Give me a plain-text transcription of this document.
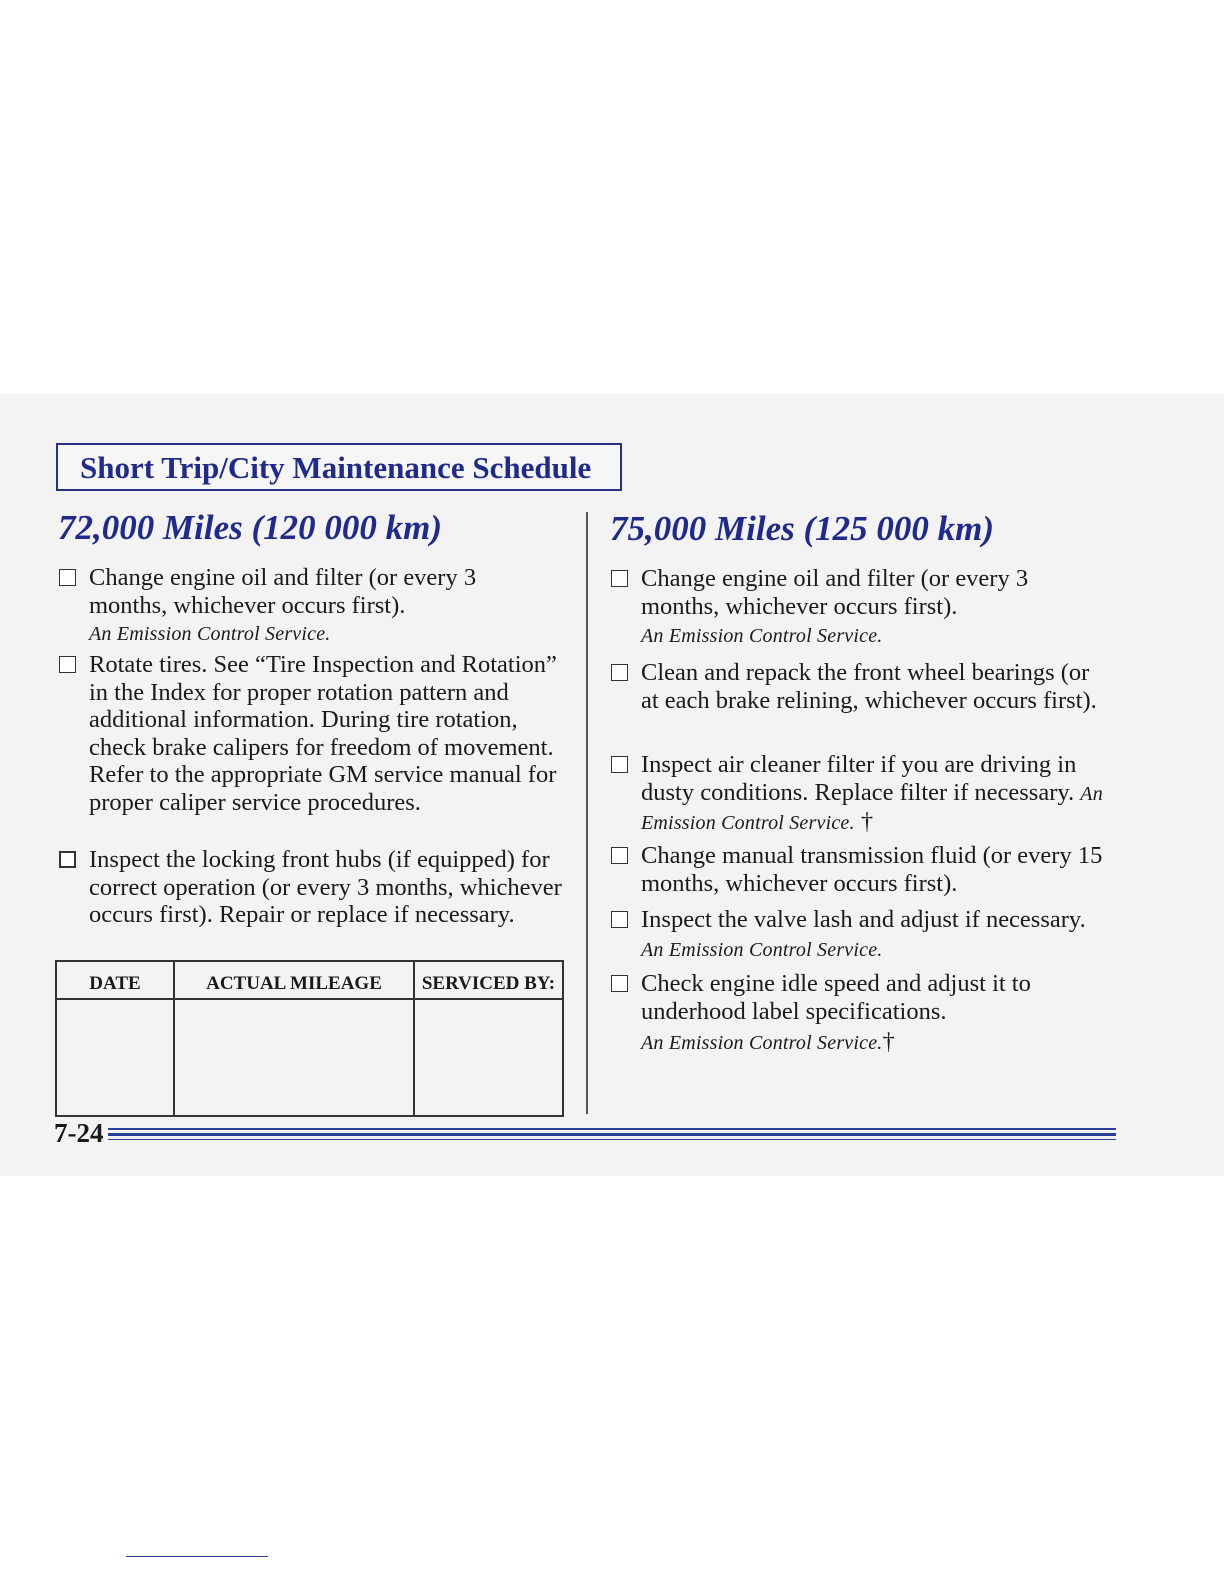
Short Trip/City Maintenance Schedule
72,000 Miles (120 000 km)
Change engine oil and filter (or every 3 months, whichever occurs first).
An Emission Control Service.
Rotate tires. See “Tire Inspection and Rotation” in the Index for proper rotation pattern and additional information. During tire rotation, check brake calipers for freedom of movement. Refer to the appropriate GM service manual for proper caliper service procedures.
Inspect the locking front hubs (if equipped) for correct operation (or every 3 months, whichever occurs first). Repair or replace if necessary.
DATE	ACTUAL MILEAGE	SERVICED BY:
75,000 Miles (125 000 km)
Change engine oil and filter (or every 3 months, whichever occurs first).
An Emission Control Service.
Clean and repack the front wheel bearings (or at each brake relining, whichever occurs first).
Inspect air cleaner filter if you are driving in dusty conditions. Replace filter if necessary. An Emission Control Service. †
Change manual transmission fluid (or every 15 months, whichever occurs first).
Inspect the valve lash and adjust if necessary.
An Emission Control Service.
Check engine idle speed and adjust it to underhood label specifications.
An Emission Control Service.†
7-24
